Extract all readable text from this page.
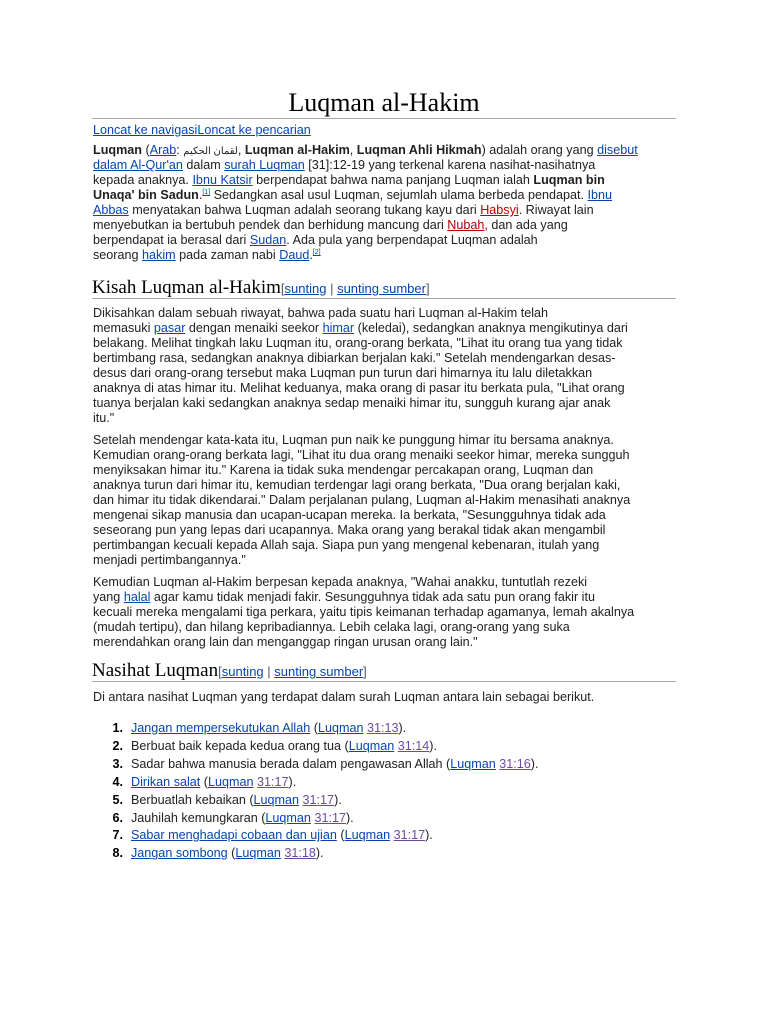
Luqman al-Hakim

Loncat ke navigasiLoncat ke pencarian

Luqman (Arab: لقمان الحكيم, Luqman al-Hakim, Luqman Ahli Hikmah) adalah orang yang disebut

dalam Al-Qur'an dalam surah Luqman [31]:12-19 yang terkenal karena nasihat-nasihatnya

kepada anaknya. Ibnu Katsir berpendapat bahwa nama panjang Luqman ialah Luqman bin

Unaqa' bin Sadun.[1] Sedangkan asal usul Luqman, sejumlah ulama berbeda pendapat. Ibnu

Abbas menyatakan bahwa Luqman adalah seorang tukang kayu dari Habsyi. Riwayat lain

menyebutkan ia bertubuh pendek dan berhidung mancung dari Nubah, dan ada yang

berpendapat ia berasal dari Sudan. Ada pula yang berpendapat Luqman adalah

seorang hakim pada zaman nabi Daud.[2]

Kisah Luqman al-Hakim[sunting | sunting sumber]

Dikisahkan dalam sebuah riwayat, bahwa pada suatu hari Luqman al-Hakim telah

memasuki pasar dengan menaiki seekor himar (keledai), sedangkan anaknya mengikutinya dari

belakang. Melihat tingkah laku Luqman itu, orang-orang berkata, "Lihat itu orang tua yang tidak

bertimbang rasa, sedangkan anaknya dibiarkan berjalan kaki." Setelah mendengarkan desas-

desus dari orang-orang tersebut maka Luqman pun turun dari himarnya itu lalu diletakkan

anaknya di atas himar itu. Melihat keduanya, maka orang di pasar itu berkata pula, "Lihat orang

tuanya berjalan kaki sedangkan anaknya sedap menaiki himar itu, sungguh kurang ajar anak

itu."

Setelah mendengar kata-kata itu, Luqman pun naik ke punggung himar itu bersama anaknya.

Kemudian orang-orang berkata lagi, "Lihat itu dua orang menaiki seekor himar, mereka sungguh

menyiksakan himar itu." Karena ia tidak suka mendengar percakapan orang, Luqman dan

anaknya turun dari himar itu, kemudian terdengar lagi orang berkata, "Dua orang berjalan kaki,

dan himar itu tidak dikendarai." Dalam perjalanan pulang, Luqman al-Hakim menasihati anaknya

mengenai sikap manusia dan ucapan-ucapan mereka. Ia berkata, "Sesungguhnya tidak ada

seseorang pun yang lepas dari ucapannya. Maka orang yang berakal tidak akan mengambil

pertimbangan kecuali kepada Allah saja. Siapa pun yang mengenal kebenaran, itulah yang

menjadi pertimbangannya."

Kemudian Luqman al-Hakim berpesan kepada anaknya, "Wahai anakku, tuntutlah rezeki

yang halal agar kamu tidak menjadi fakir. Sesungguhnya tidak ada satu pun orang fakir itu

kecuali mereka mengalami tiga perkara, yaitu tipis keimanan terhadap agamanya, lemah akalnya

(mudah tertipu), dan hilang kepribadiannya. Lebih celaka lagi, orang-orang yang suka

merendahkan orang lain dan menganggap ringan urusan orang lain."

Nasihat Luqman[sunting | sunting sumber]

Di antara nasihat Luqman yang terdapat dalam surah Luqman antara lain sebagai berikut.

1. Jangan mempersekutukan Allah (Luqman 31:13).
2. Berbuat baik kepada kedua orang tua (Luqman 31:14).
3. Sadar bahwa manusia berada dalam pengawasan Allah (Luqman 31:16).
4. Dirikan salat (Luqman 31:17).
5. Berbuatlah kebaikan (Luqman 31:17).
6. Jauhilah kemungkaran (Luqman 31:17).
7. Sabar menghadapi cobaan dan ujian (Luqman 31:17).
8. Jangan sombong (Luqman 31:18).
